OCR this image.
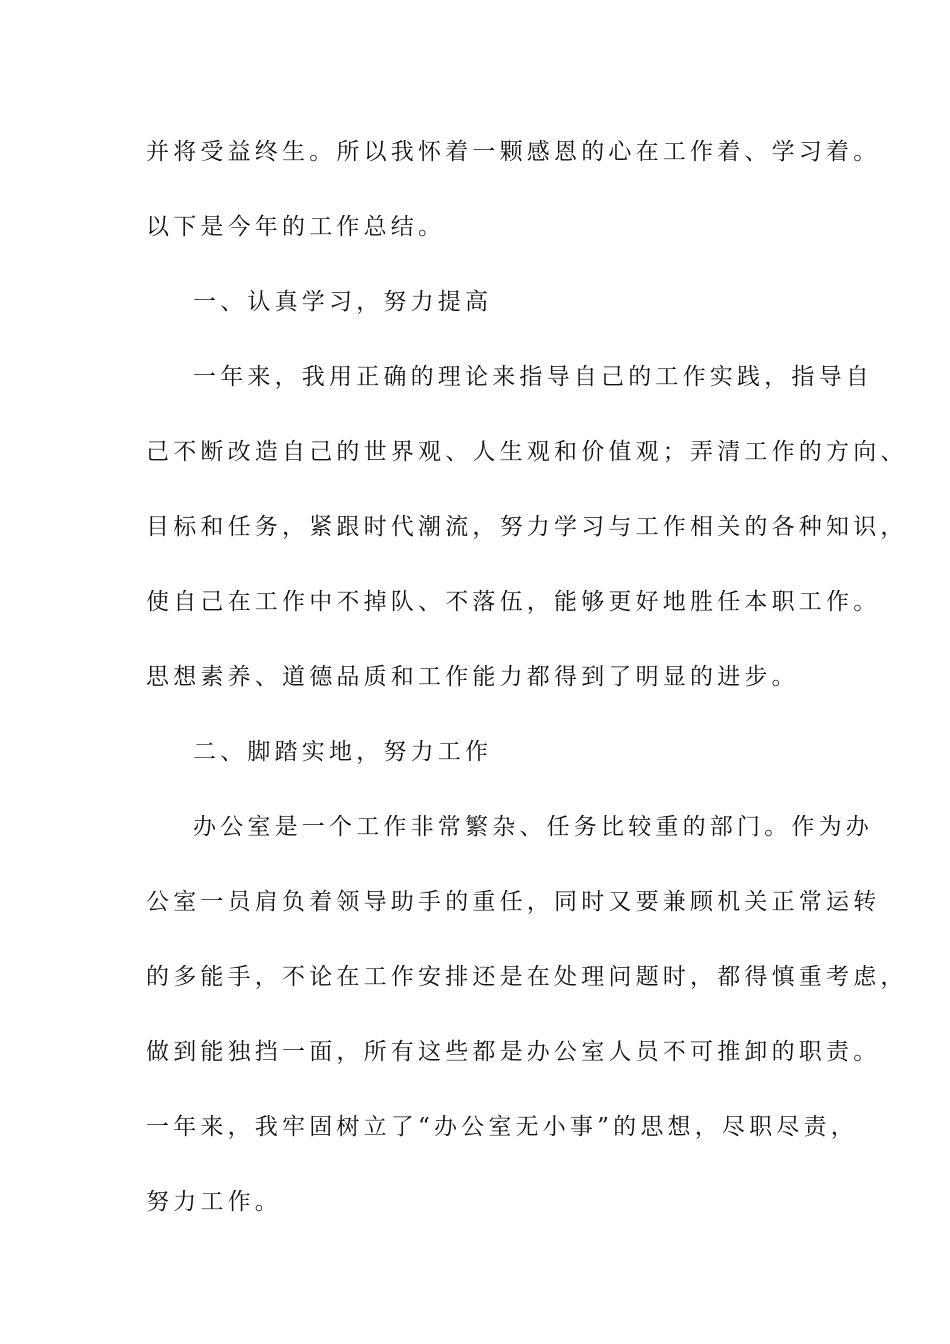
并将受益终生。所以我怀着一颗感恩的心在工作着、学习着。
以下是今年的工作总结。
一、认真学习，努力提高
一年来，我用正确的理论来指导自己的工作实践，指导自
己不断改造自己的世界观、人生观和价值观；弄清工作的方向、
目标和任务，紧跟时代潮流，努力学习与工作相关的各种知识，
使自己在工作中不掉队、不落伍，能够更好地胜任本职工作。
思想素养、道德品质和工作能力都得到了明显的进步。
二、脚踏实地，努力工作
办公室是一个工作非常繁杂、任务比较重的部门。作为办
公室一员肩负着领导助手的重任，同时又要兼顾机关正常运转
的多能手，不论在工作安排还是在处理问题时，都得慎重考虑，
做到能独挡一面，所有这些都是办公室人员不可推卸的职责。
一年来，我牢固树立了“办公室无小事”的思想，尽职尽责，
努力工作。
